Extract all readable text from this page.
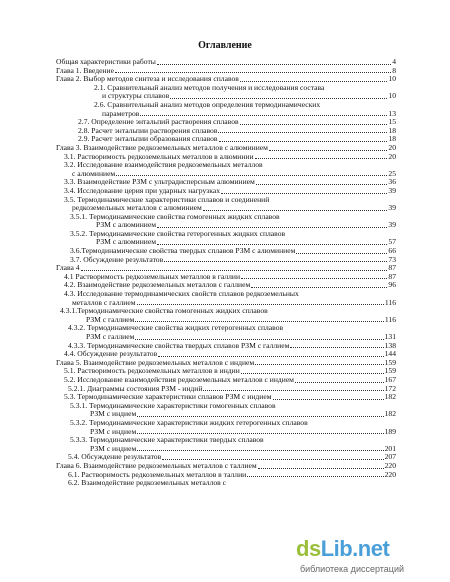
Оглавление
Общая характеристики работы	4
Глава 1. Введение	8
Глава 2. Выбор методов синтеза и исследования сплавов	10
2.1. Сравнительный анализ методов получения и исследования состава
и структуры сплавов	10
2.6. Сравнительный анализ методов определения термодинамических
параметров	13
2.7. Определение энтальпий растворения сплавов	15
2.8. Расчет энтальпии растворения сплавов	18
2.9. Расчет энтальпии образования сплавов	18
Глава 3. Взаимодействие редкоземельных металлов с алюминием	20
3.1. Растворимость редкоземельных металлов в алюминии	20
3.2. Исследование взаимодействия редкоземельных металлов
с алюминием	25
3.3. Взаимодействие РЗМ с ультрадисперсным алюминием	36
3.4. Исследование церия при ударных нагрузках	39
3.5. Термодинамические характеристики сплавов и соединений
редкоземельных металлов с алюминием	39
3.5.1. Термодинамические свойства гомогенных жидких сплавов
РЗМ с алюминием	39
3.5.2. Термодинамические свойства гетерогенных жидких сплавов
РЗМ с алюминием	57
3.6.Термодинамические свойства твердых сплавов РЗМ с алюминием	66
3.7. Обсуждение результатов	73
Глава 4	87
4.1 Растворимость редкоземельных металлов в галлии	87
4.2. Взаимодействие редкоземельных металлов с галлием	96
4.3. Исследование термодинамических свойств сплавов редкоземельных
металлов с галлием	116
4.3.1.Термодинамические свойства гомогенных жидких сплавов
РЗМ с галлием	116
4.3.2. Термодинамические свойства жидких гетерогенных сплавов
РЗМ с галлием	131
4.3.3. Термодинамические свойства твердых сплавов РЗМ с галлием	138
4.4. Обсуждение результатов	144
Глава 5. Взаимодействие редкоземельных металлов с индием	159
5.1. Растворимость редкоземельных металлов в индии	159
5.2. Исследование взаимодействия редкоземельных металлов с индием	167
5.2.1. Диаграммы состояния РЗМ - индий	172
5.3. Термодинамические характеристики сплавов РЗМ с индием	182
5.3.1. Термодинамические характеристики гомогенных сплавов
РЗМ с индием	182
5.3.2. Термодинамические характеристики жидких гетерогенных сплавов
РЗМ с индием	189
5.3.3. Термодинамические характеристики твердых сплавов
РЗМ с индием	201
5.4. Обсуждение результатов	207
Глава 6. Взаимодействие редкоземельных металлов с таллием	220
6.1. Растворимость редкоземельных металлов в таллии	220
6.2. Взаимодействие редкоземельных металлов с
dsLib.net
библиотека диссертаций
